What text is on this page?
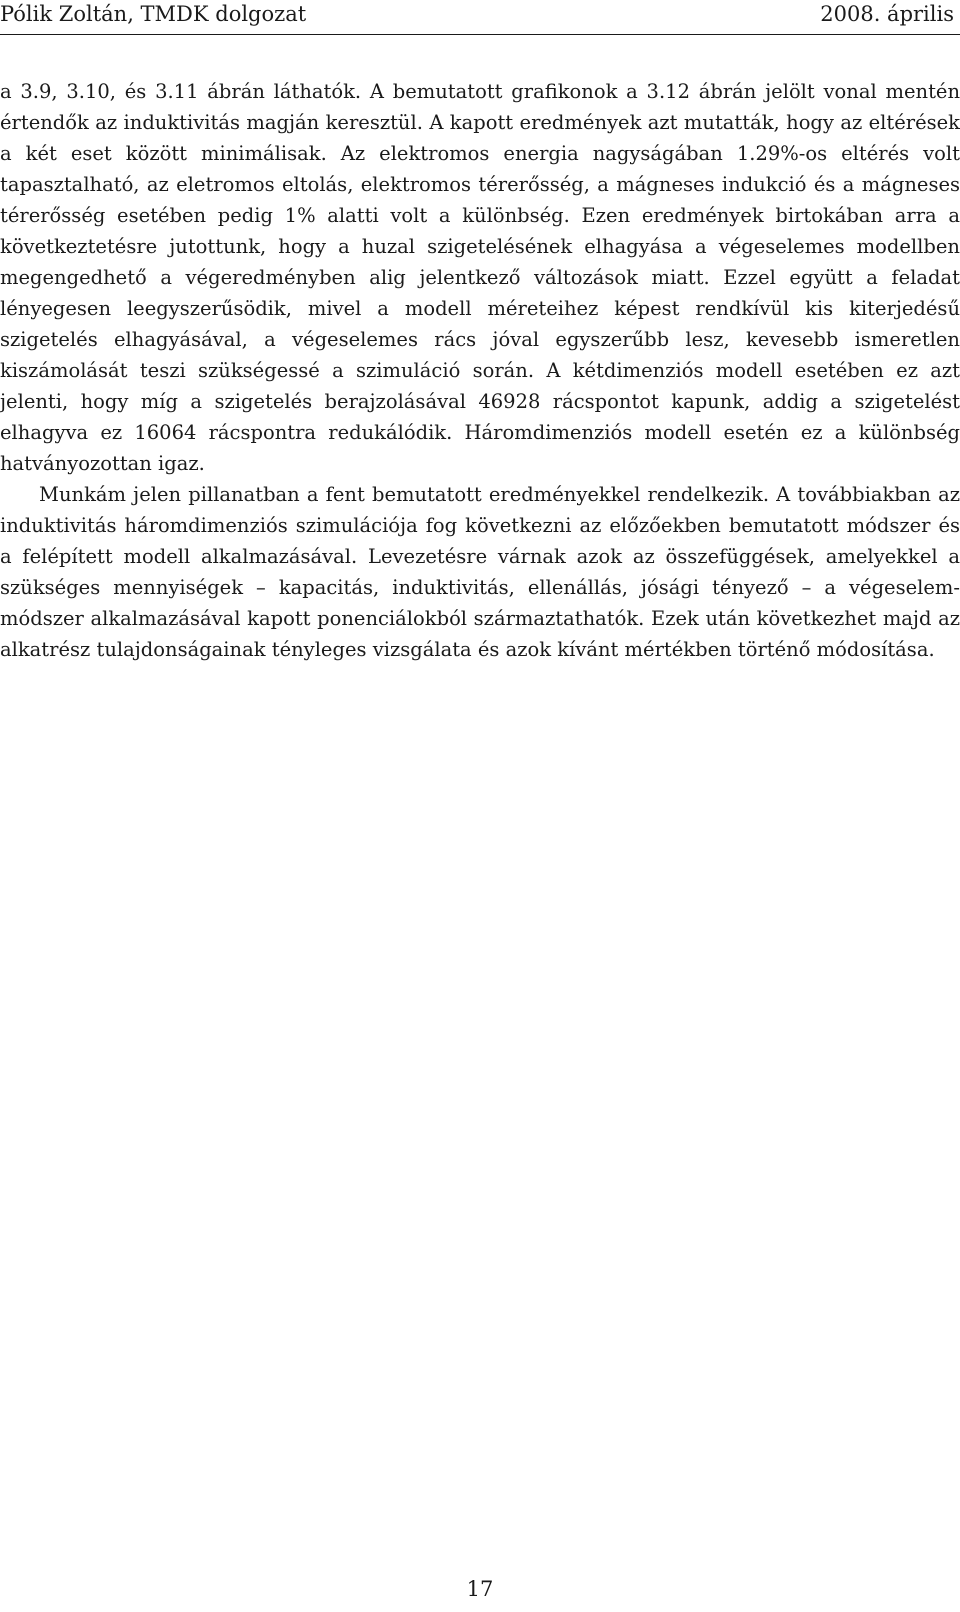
Pólik Zoltán, TMDK dolgozat	2008. április

a 3.9, 3.10, és 3.11 ábrán láthatók. A bemutatott grafikonok a 3.12 ábrán jelölt vonal mentén értendők az induktivitás magján keresztül. A kapott eredmények azt mutatták, hogy az eltérések a két eset között minimálisak. Az elektromos energia nagyságában 1.29%-os eltérés volt tapasztalható, az eletromos eltolás, elektromos térerősség, a mágneses indukció és a mágneses térerősség esetében pedig 1% alatti volt a különbség. Ezen eredmények birtokában arra a következtetésre jutottunk, hogy a huzal szigetelésének elhagyása a végeselemes modellben megengedhető a végeredményben alig jelentkező változások miatt. Ezzel együtt a feladat lényegesen leegyszerűsödik, mivel a modell méreteihez képest rendkívül kis kiterjedésű szigetelés elhagyásával, a végeselemes rács jóval egyszerűbb lesz, kevesebb ismeretlen kiszámolását teszi szükségessé a szimuláció során. A kétdimenziós modell esetében ez azt jelenti, hogy míg a szigetelés berajzolásával 46928 rácspontot kapunk, addig a szigetelést elhagyva ez 16064 rácspontra redukálódik. Háromdimenziós modell esetén ez a különbség hatványozottan igaz.

Munkám jelen pillanatban a fent bemutatott eredményekkel rendelkezik. A továbbiakban az induktivitás háromdimenziós szimulációja fog következni az előzőekben bemutatott módszer és a felépített modell alkalmazásával. Levezetésre várnak azok az összefüggések, amelyekkel a szükséges mennyiségek – kapacitás, induktivitás, ellenállás, jósági tényező – a végeselem-módszer alkalmazásával kapott ponenciálokból származtathatók. Ezek után következhet majd az alkatrész tulajdonságainak tényleges vizsgálata és azok kívánt mértékben történő módosítása.

17
